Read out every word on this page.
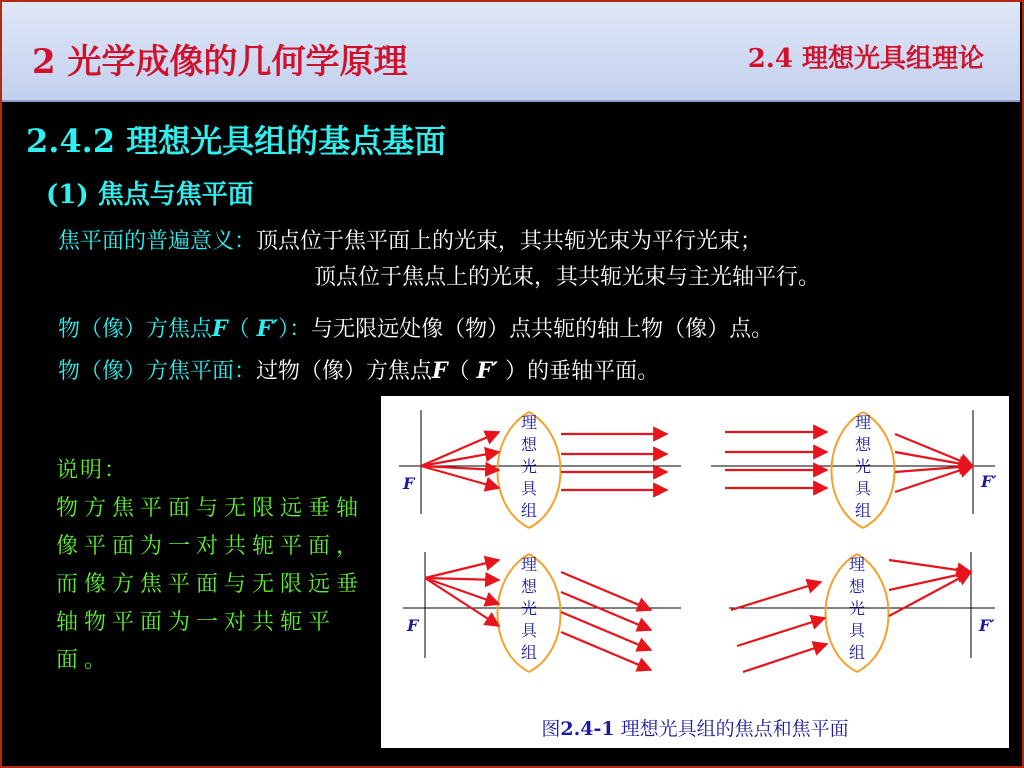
2 光学成像的几何学原理	2.4 理想光具组理论
2.4.2 理想光具组的基点基面
(1) 焦点与焦平面
焦平面的普遍意义：顶点位于焦平面上的光束，其共轭光束为平行光束；
顶点位于焦点上的光束，其共轭光束与主光轴平行。
物（像）方焦点F（ F′）：与无限远处像（物）点共轭的轴上物（像）点。
物（像）方焦平面：过物（像）方焦点F（ F′ ）的垂轴平面。
说明：
物方焦平面与无限远垂轴像平面为一对共轭平面，而像方焦平面与无限远垂轴物平面为一对共轭平面。
理
想
光
具
组
理
想
光
具
组
理
想
光
具
组
理
想
光
具
组
F	F′
F	F′
图2.4-1 理想光具组的焦点和焦平面
